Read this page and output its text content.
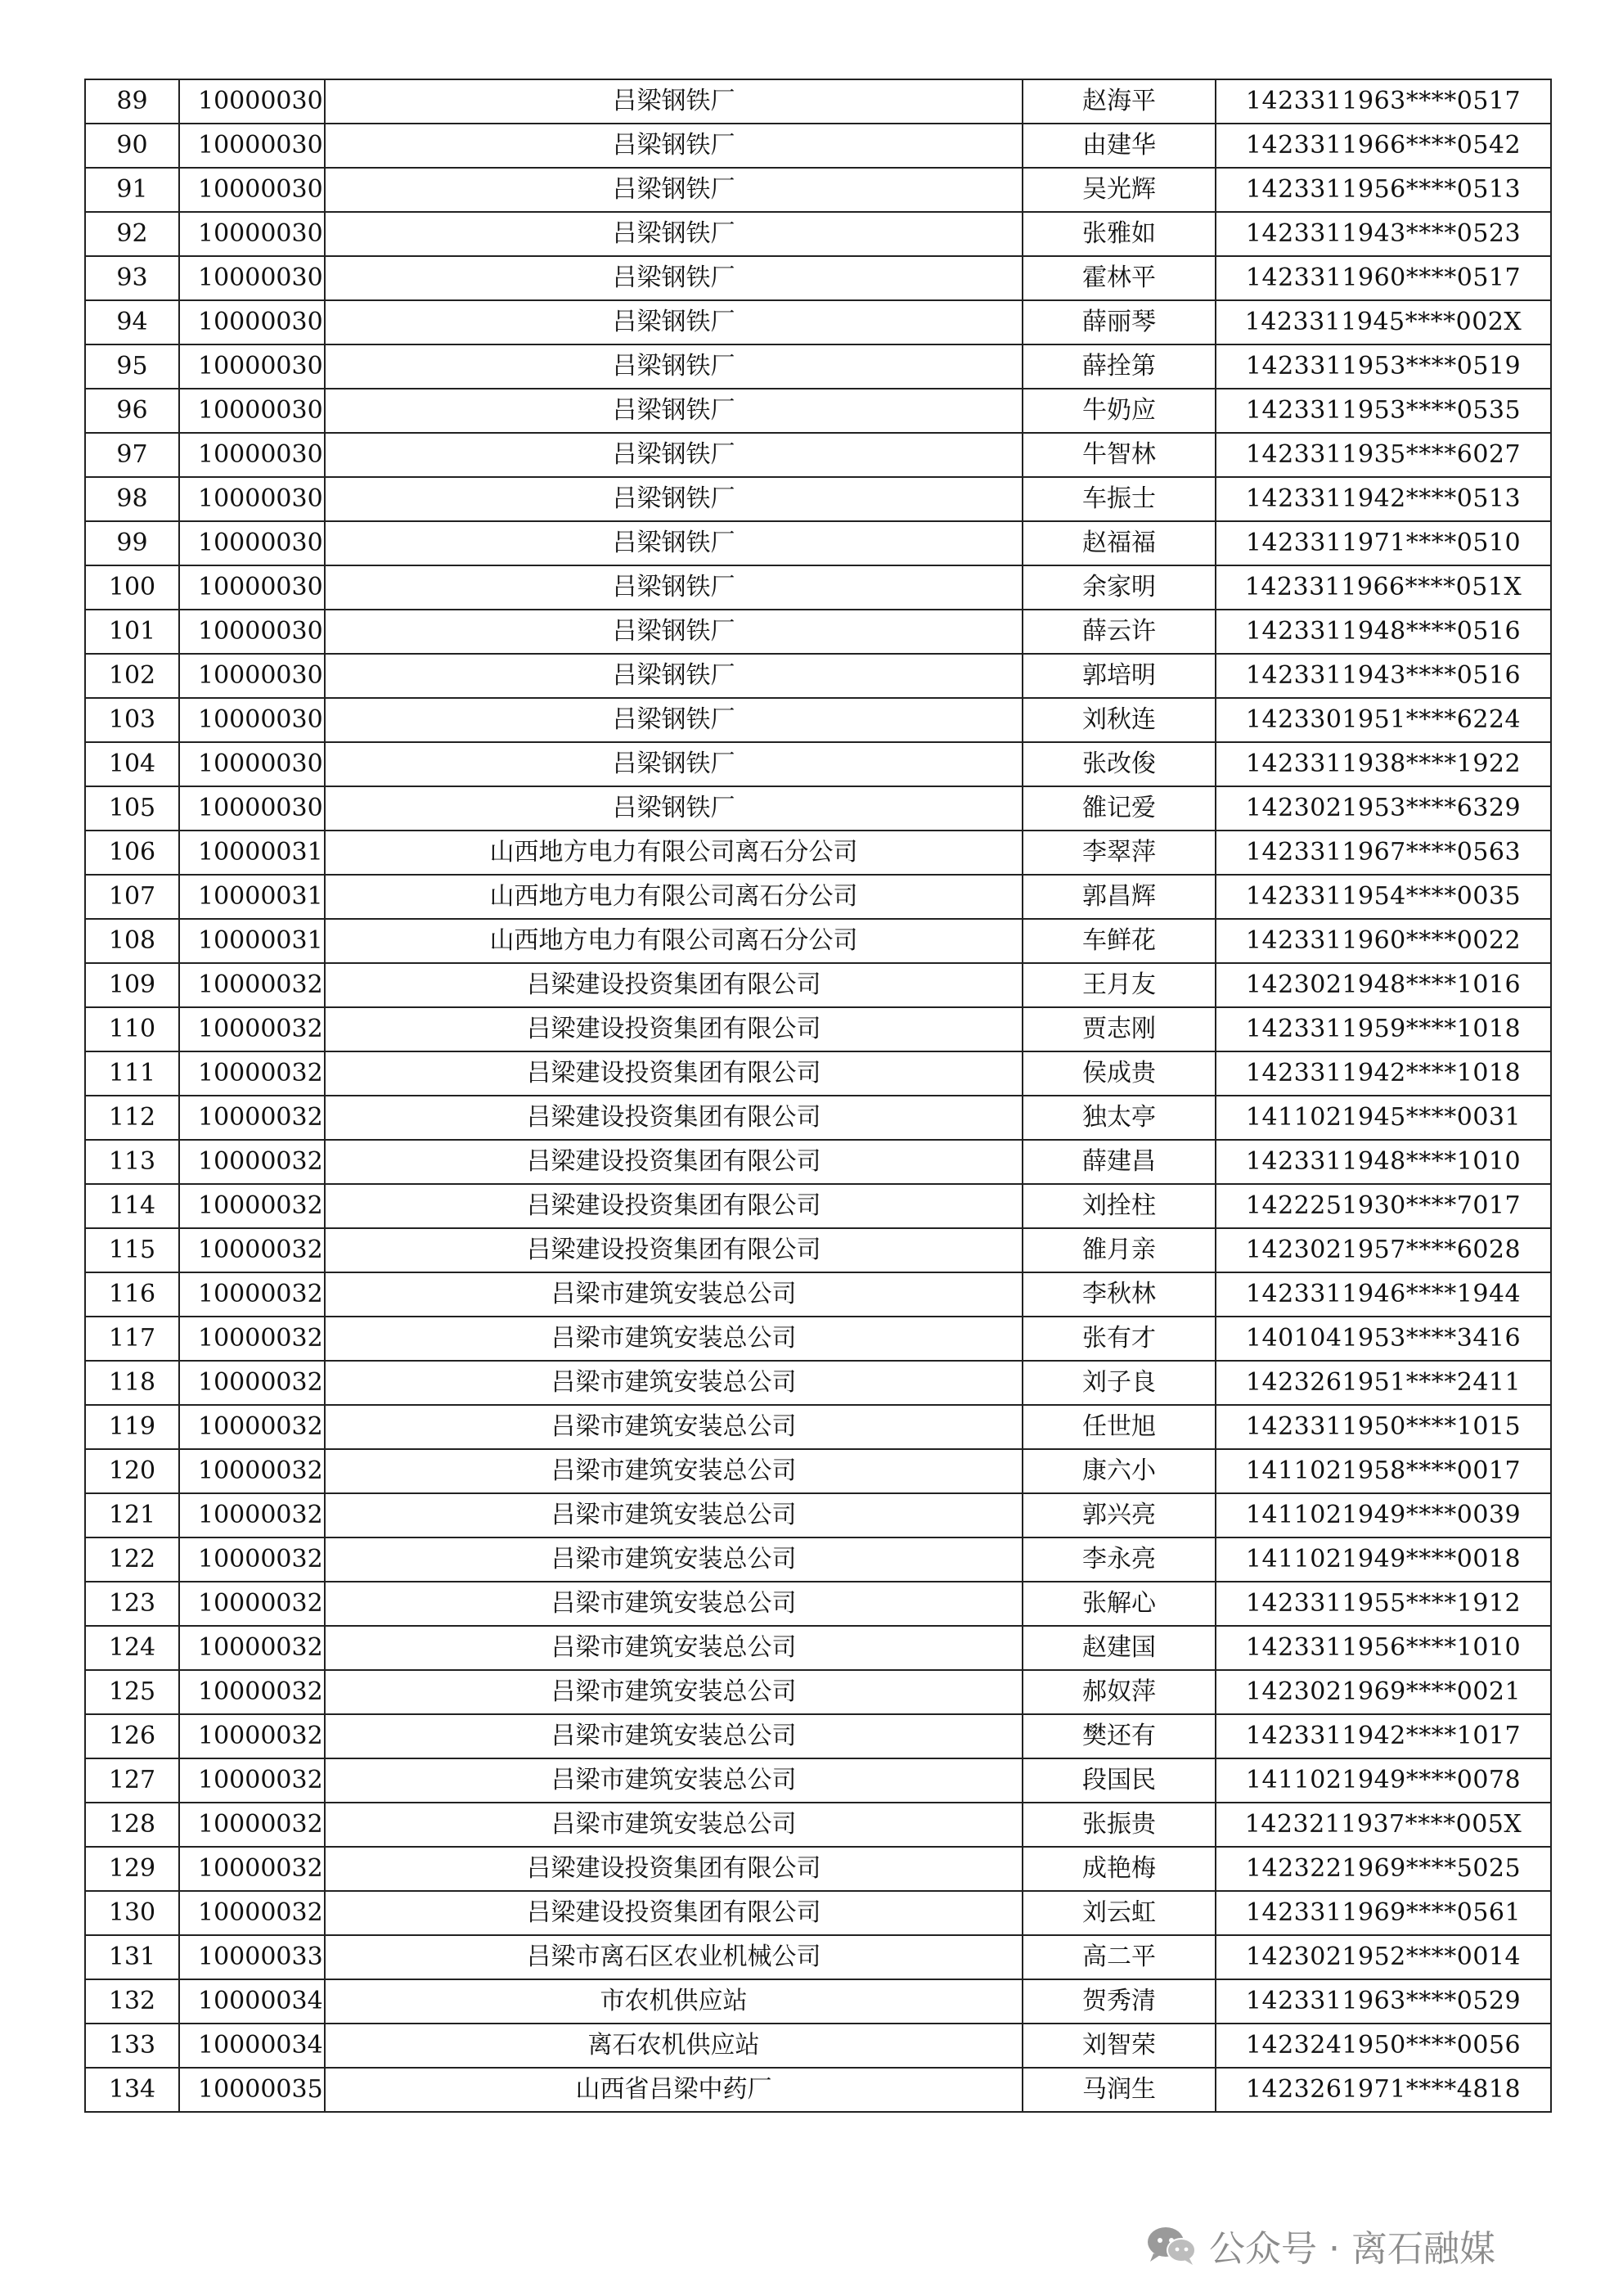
89	10000030	吕梁钢铁厂	赵海平	1423311963****0517
90	10000030	吕梁钢铁厂	由建华	1423311966****0542
91	10000030	吕梁钢铁厂	吴光辉	1423311956****0513
92	10000030	吕梁钢铁厂	张雅如	1423311943****0523
93	10000030	吕梁钢铁厂	霍林平	1423311960****0517
94	10000030	吕梁钢铁厂	薛丽琴	1423311945****002X
95	10000030	吕梁钢铁厂	薛拴第	1423311953****0519
96	10000030	吕梁钢铁厂	牛奶应	1423311953****0535
97	10000030	吕梁钢铁厂	牛智林	1423311935****6027
98	10000030	吕梁钢铁厂	车振士	1423311942****0513
99	10000030	吕梁钢铁厂	赵福福	1423311971****0510
100	10000030	吕梁钢铁厂	余家明	1423311966****051X
101	10000030	吕梁钢铁厂	薛云许	1423311948****0516
102	10000030	吕梁钢铁厂	郭培明	1423311943****0516
103	10000030	吕梁钢铁厂	刘秋连	1423301951****6224
104	10000030	吕梁钢铁厂	张改俊	1423311938****1922
105	10000030	吕梁钢铁厂	雒记爱	1423021953****6329
106	10000031	山西地方电力有限公司离石分公司	李翠萍	1423311967****0563
107	10000031	山西地方电力有限公司离石分公司	郭昌辉	1423311954****0035
108	10000031	山西地方电力有限公司离石分公司	车鲜花	1423311960****0022
109	10000032	吕梁建设投资集团有限公司	王月友	1423021948****1016
110	10000032	吕梁建设投资集团有限公司	贾志刚	1423311959****1018
111	10000032	吕梁建设投资集团有限公司	侯成贵	1423311942****1018
112	10000032	吕梁建设投资集团有限公司	独太亭	1411021945****0031
113	10000032	吕梁建设投资集团有限公司	薛建昌	1423311948****1010
114	10000032	吕梁建设投资集团有限公司	刘拴柱	1422251930****7017
115	10000032	吕梁建设投资集团有限公司	雒月亲	1423021957****6028
116	10000032	吕梁市建筑安装总公司	李秋林	1423311946****1944
117	10000032	吕梁市建筑安装总公司	张有才	1401041953****3416
118	10000032	吕梁市建筑安装总公司	刘子良	1423261951****2411
119	10000032	吕梁市建筑安装总公司	任世旭	1423311950****1015
120	10000032	吕梁市建筑安装总公司	康六小	1411021958****0017
121	10000032	吕梁市建筑安装总公司	郭兴亮	1411021949****0039
122	10000032	吕梁市建筑安装总公司	李永亮	1411021949****0018
123	10000032	吕梁市建筑安装总公司	张解心	1423311955****1912
124	10000032	吕梁市建筑安装总公司	赵建国	1423311956****1010
125	10000032	吕梁市建筑安装总公司	郝奴萍	1423021969****0021
126	10000032	吕梁市建筑安装总公司	樊还有	1423311942****1017
127	10000032	吕梁市建筑安装总公司	段国民	1411021949****0078
128	10000032	吕梁市建筑安装总公司	张振贵	1423211937****005X
129	10000032	吕梁建设投资集团有限公司	成艳梅	1423221969****5025
130	10000032	吕梁建设投资集团有限公司	刘云虹	1423311969****0561
131	10000033	吕梁市离石区农业机械公司	高二平	1423021952****0014
132	10000034	市农机供应站	贺秀清	1423311963****0529
133	10000034	离石农机供应站	刘智荣	1423241950****0056
134	10000035	山西省吕梁中药厂	马润生	1423261971****4818
公众号 · 离石融媒
